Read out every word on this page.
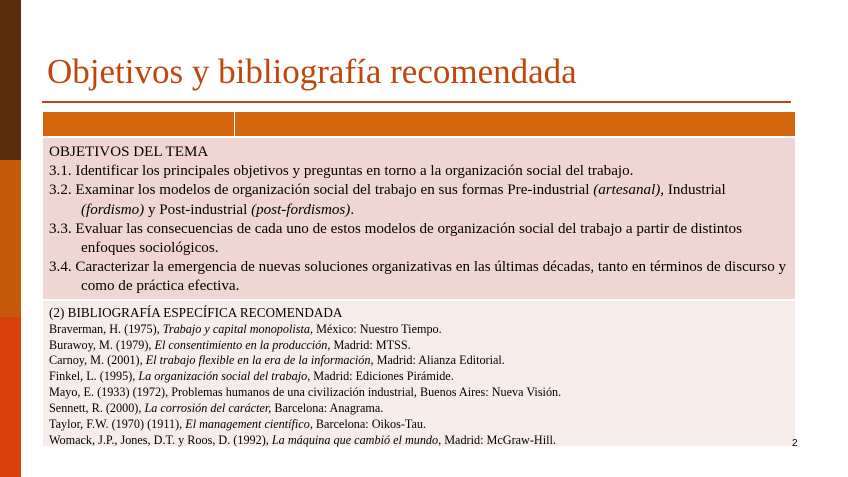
Objetivos y bibliografía recomendada

OBJETIVOS DEL TEMA

3.1. Identificar los principales objetivos y preguntas en torno a la organización social del trabajo.

3.2. Examinar los modelos de organización social del trabajo en sus formas Pre-industrial (artesanal), Industrial (fordismo) y Post-industrial (post-fordismos).

3.3. Evaluar las consecuencias de cada uno de estos modelos de organización social del trabajo a partir de distintos enfoques sociológicos.

3.4. Caracterizar la emergencia de nuevas soluciones organizativas en las últimas décadas, tanto en términos de discurso y como de práctica efectiva.

(2) BIBLIOGRAFÍA ESPECÍFICA RECOMENDADA

Braverman, H. (1975), Trabajo y capital monopolista, México: Nuestro Tiempo.

Burawoy, M. (1979), El consentimiento en la producción, Madrid: MTSS.

Carnoy, M. (2001), El trabajo flexible en la era de la información, Madrid: Alianza Editorial.

Finkel, L. (1995), La organización social del trabajo, Madrid: Ediciones Pirámide.

Mayo, E. (1933) (1972), Problemas humanos de una civilización industrial, Buenos Aires: Nueva Visión.

Sennett, R. (2000), La corrosión del carácter, Barcelona: Anagrama.

Taylor, F.W. (1970) (1911), El management científico, Barcelona: Oikos-Tau.

Womack, J.P., Jones, D.T. y Roos, D. (1992), La máquina que cambió el mundo, Madrid: McGraw-Hill.	2
